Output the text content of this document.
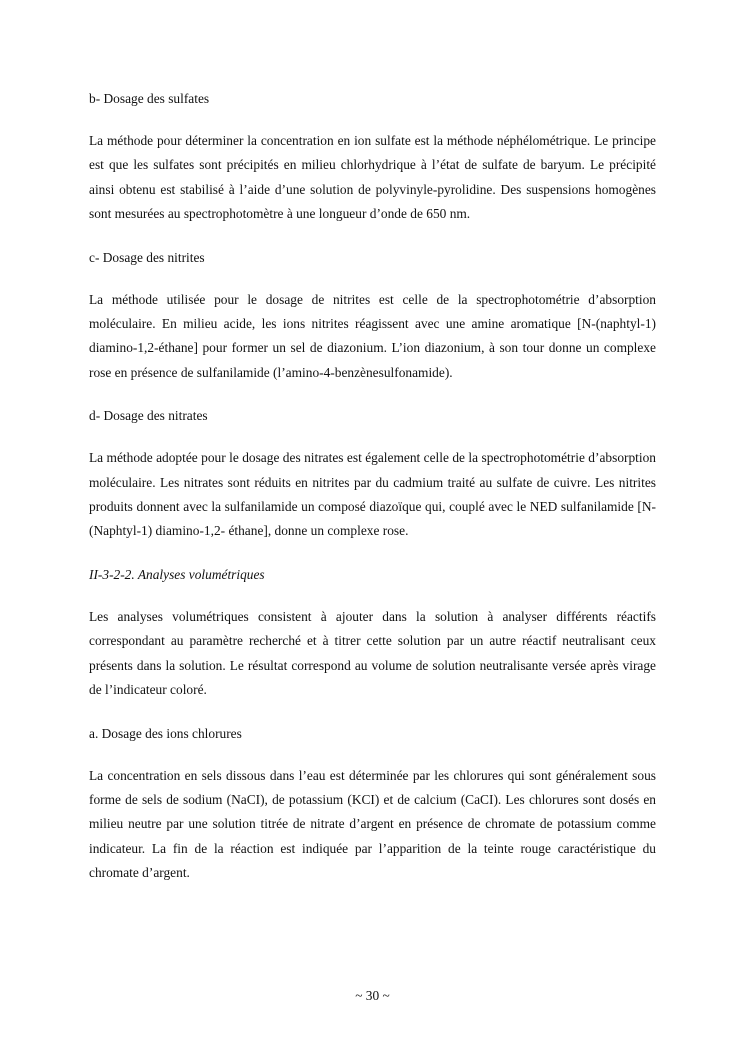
b- Dosage des sulfates

La méthode pour déterminer la concentration en ion sulfate est la méthode néphélométrique. Le principe est que les sulfates sont précipités en milieu chlorhydrique à l’état de sulfate de baryum. Le précipité ainsi obtenu est stabilisé à l’aide d’une solution de polyvinyle-pyrolidine. Des suspensions homogènes sont mesurées au spectrophotomètre à une longueur d’onde de 650 nm.

c- Dosage des nitrites

La méthode utilisée pour le dosage de nitrites est celle de la spectrophotométrie d’absorption moléculaire. En milieu acide, les ions nitrites réagissent avec une amine aromatique [N-(naphtyl-1) diamino-1,2-éthane] pour former un sel de diazonium. L’ion diazonium, à son tour donne un complexe rose en présence de sulfanilamide (l’amino-4-benzènesulfonamide).

d- Dosage des nitrates

La méthode adoptée pour le dosage des nitrates est également celle de la spectrophotométrie d’absorption moléculaire. Les nitrates sont réduits en nitrites par du cadmium traité au sulfate de cuivre. Les nitrites produits donnent avec la sulfanilamide un composé diazoïque qui, couplé avec le NED sulfanilamide [N-(Naphtyl-1) diamino-1,2- éthane], donne un complexe rose.

II-3-2-2. Analyses volumétriques

Les analyses volumétriques consistent à ajouter dans la solution à analyser différents réactifs correspondant au paramètre recherché et à titrer cette solution par un autre réactif neutralisant ceux présents dans la solution. Le résultat correspond au volume de solution neutralisante versée après virage de l’indicateur coloré.

a. Dosage des ions chlorures

La concentration en sels dissous dans l’eau est déterminée par les chlorures qui sont généralement sous forme de sels de sodium (NaCI), de potassium (KCI) et de calcium (CaCI). Les chlorures sont dosés en milieu neutre par une solution titrée de nitrate d’argent en présence de chromate de potassium comme indicateur. La fin de la réaction est indiquée par l’apparition de la teinte rouge caractéristique du chromate d’argent.

~ 30 ~
